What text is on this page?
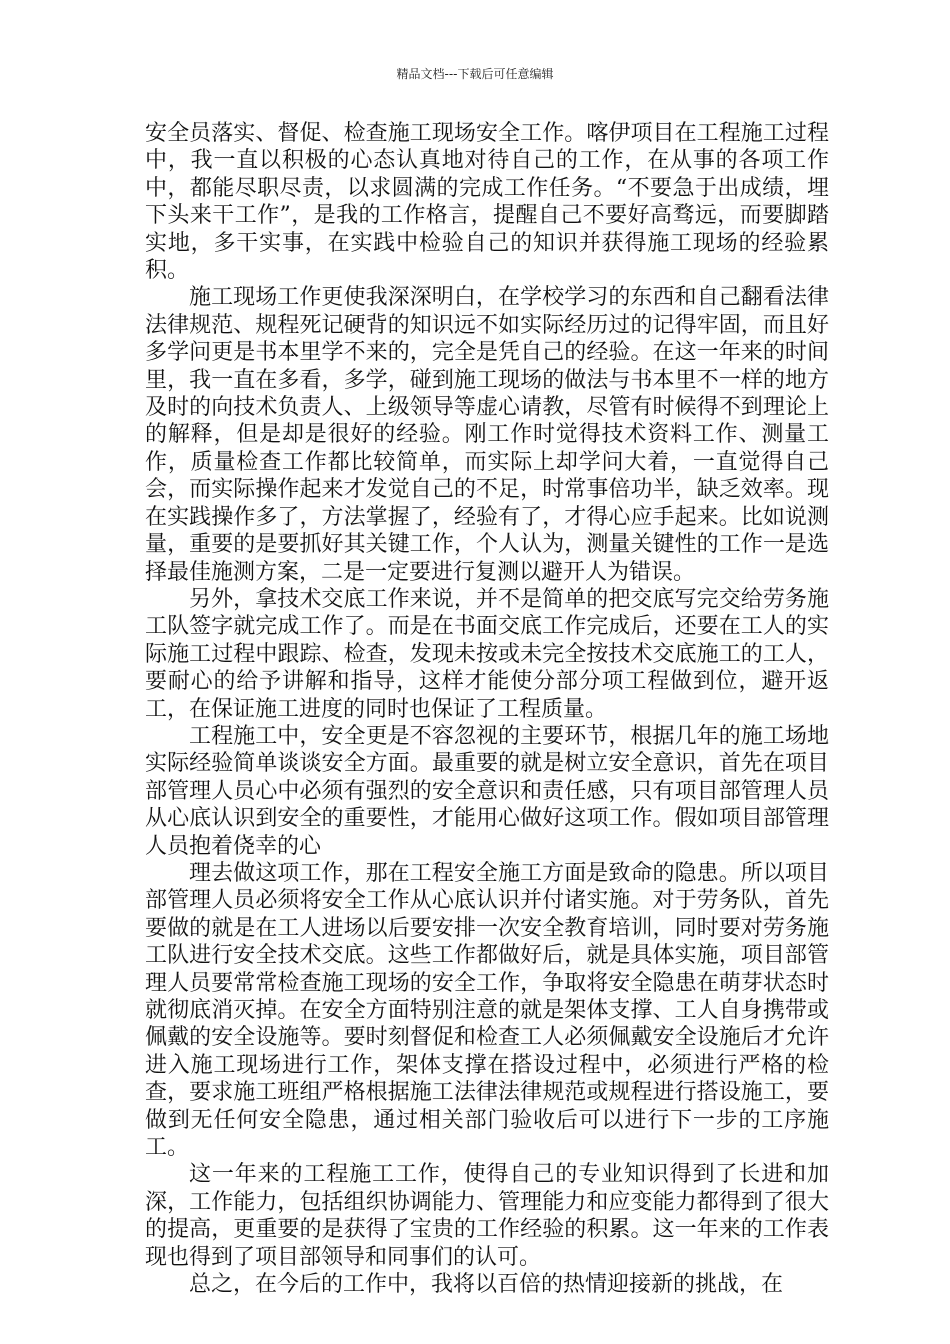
精品文档---下载后可任意编辑

安全员落实、督促、检查施工现场安全工作。喀伊项目在工程施工过程中，我一直以积极的心态认真地对待自己的工作，在从事的各项工作中，都能尽职尽责，以求圆满的完成工作任务。“不要急于出成绩，埋下头来干工作”，是我的工作格言，提醒自己不要好高骛远，而要脚踏实地，多干实事，在实践中检验自己的知识并获得施工现场的经验累积。

施工现场工作更使我深深明白，在学校学习的东西和自己翻看法律法律规范、规程死记硬背的知识远不如实际经历过的记得牢固，而且好多学问更是书本里学不来的，完全是凭自己的经验。在这一年来的时间里，我一直在多看，多学，碰到施工现场的做法与书本里不一样的地方及时的向技术负责人、上级领导等虚心请教，尽管有时候得不到理论上的解释，但是却是很好的经验。刚工作时觉得技术资料工作、测量工作，质量检查工作都比较简单，而实际上却学问大着，一直觉得自己会，而实际操作起来才发觉自己的不足，时常事倍功半，缺乏效率。现在实践操作多了，方法掌握了，经验有了，才得心应手起来。比如说测量，重要的是要抓好其关键工作，个人认为，测量关键性的工作一是选择最佳施测方案，二是一定要进行复测以避开人为错误。

另外，拿技术交底工作来说，并不是简单的把交底写完交给劳务施工队签字就完成工作了。而是在书面交底工作完成后，还要在工人的实际施工过程中跟踪、检查，发现未按或未完全按技术交底施工的工人，要耐心的给予讲解和指导，这样才能使分部分项工程做到位，避开返工，在保证施工进度的同时也保证了工程质量。

工程施工中，安全更是不容忽视的主要环节，根据几年的施工场地实际经验简单谈谈安全方面。最重要的就是树立安全意识，首先在项目部管理人员心中必须有强烈的安全意识和责任感，只有项目部管理人员从心底认识到安全的重要性，才能用心做好这项工作。假如项目部管理人员抱着侥幸的心

理去做这项工作，那在工程安全施工方面是致命的隐患。所以项目部管理人员必须将安全工作从心底认识并付诸实施。对于劳务队，首先要做的就是在工人进场以后要安排一次安全教育培训，同时要对劳务施工队进行安全技术交底。这些工作都做好后，就是具体实施，项目部管理人员要常常检查施工现场的安全工作，争取将安全隐患在萌芽状态时就彻底消灭掉。在安全方面特别注意的就是架体支撑、工人自身携带或佩戴的安全设施等。要时刻督促和检查工人必须佩戴安全设施后才允许进入施工现场进行工作，架体支撑在搭设过程中，必须进行严格的检查，要求施工班组严格根据施工法律法律规范或规程进行搭设施工，要做到无任何安全隐患，通过相关部门验收后可以进行下一步的工序施工。

这一年来的工程施工工作，使得自己的专业知识得到了长进和加深，工作能力，包括组织协调能力、管理能力和应变能力都得到了很大的提高，更重要的是获得了宝贵的工作经验的积累。这一年来的工作表现也得到了项目部领导和同事们的认可。

总之，在今后的工作中，我将以百倍的热情迎接新的挑战，在
